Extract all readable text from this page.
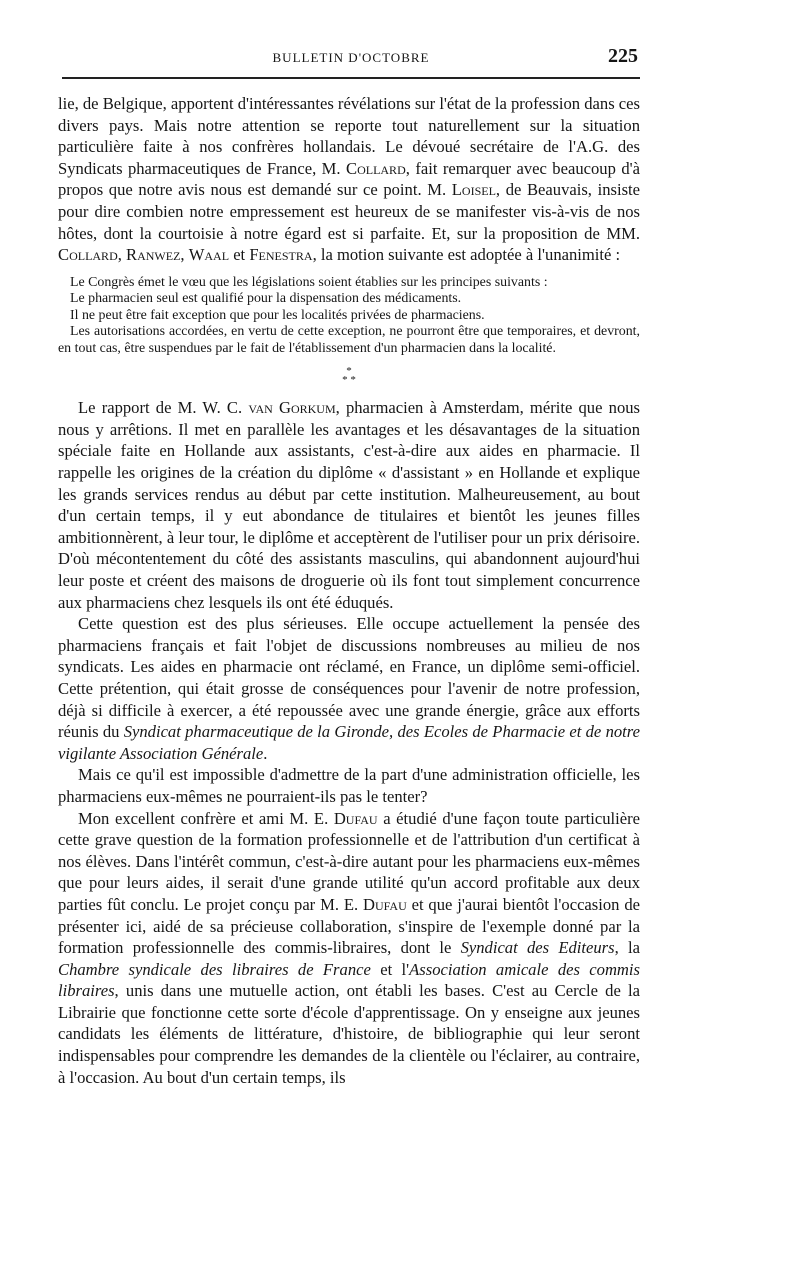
BULLETIN D'OCTOBRE	225

lie, de Belgique, apportent d'intéressantes révélations sur l'état de la profession dans ces divers pays. Mais notre attention se reporte tout naturellement sur la situation particulière faite à nos confrères hollandais. Le dévoué secrétaire de l'A.G. des Syndicats pharmaceutiques de France, M. Collard, fait remarquer avec beaucoup d'à propos que notre avis nous est demandé sur ce point. M. Loisel, de Beauvais, insiste pour dire combien notre empressement est heureux de se manifester vis-à-vis de nos hôtes, dont la courtoisie à notre égard est si parfaite. Et, sur la proposition de MM. Collard, Ranwez, Waal et Fenestra, la motion suivante est adoptée à l'unanimité :

Le Congrès émet le vœu que les législations soient établies sur les principes suivants :

Le pharmacien seul est qualifié pour la dispensation des médicaments.

Il ne peut être fait exception que pour les localités privées de pharmaciens.

Les autorisations accordées, en vertu de cette exception, ne pourront être que temporaires, et devront, en tout cas, être suspendues par le fait de l'établissement d'un pharmacien dans la localité.

*
* *

Le rapport de M. W. C. van Gorkum, pharmacien à Amsterdam, mérite que nous nous y arrêtions. Il met en parallèle les avantages et les désavantages de la situation spéciale faite en Hollande aux assistants, c'est-à-dire aux aides en pharmacie. Il rappelle les origines de la création du diplôme « d'assistant » en Hollande et explique les grands services rendus au début par cette institution. Malheureusement, au bout d'un certain temps, il y eut abondance de titulaires et bientôt les jeunes filles ambitionnèrent, à leur tour, le diplôme et acceptèrent de l'utiliser pour un prix dérisoire. D'où mécontentement du côté des assistants masculins, qui abandonnent aujourd'hui leur poste et créent des maisons de droguerie où ils font tout simplement concurrence aux pharmaciens chez lesquels ils ont été éduqués.

Cette question est des plus sérieuses. Elle occupe actuellement la pensée des pharmaciens français et fait l'objet de discussions nombreuses au milieu de nos syndicats. Les aides en pharmacie ont réclamé, en France, un diplôme semi-officiel. Cette prétention, qui était grosse de conséquences pour l'avenir de notre profession, déjà si difficile à exercer, a été repoussée avec une grande énergie, grâce aux efforts réunis du Syndicat pharmaceutique de la Gironde, des Ecoles de Pharmacie et de notre vigilante Association Générale.

Mais ce qu'il est impossible d'admettre de la part d'une administration officielle, les pharmaciens eux-mêmes ne pourraient-ils pas le tenter?

Mon excellent confrère et ami M. E. Dufau a étudié d'une façon toute particulière cette grave question de la formation professionnelle et de l'attribution d'un certificat à nos élèves. Dans l'intérêt commun, c'est-à-dire autant pour les pharmaciens eux-mêmes que pour leurs aides, il serait d'une grande utilité qu'un accord profitable aux deux parties fût conclu. Le projet conçu par M. E. Dufau et que j'aurai bientôt l'occasion de présenter ici, aidé de sa précieuse collaboration, s'inspire de l'exemple donné par la formation professionnelle des commis-libraires, dont le Syndicat des Editeurs, la Chambre syndicale des libraires de France et l'Association amicale des commis libraires, unis dans une mutuelle action, ont établi les bases. C'est au Cercle de la Librairie que fonctionne cette sorte d'école d'apprentissage. On y enseigne aux jeunes candidats les éléments de littérature, d'histoire, de bibliographie qui leur seront indispensables pour comprendre les demandes de la clientèle ou l'éclairer, au contraire, à l'occasion. Au bout d'un certain temps, ils
